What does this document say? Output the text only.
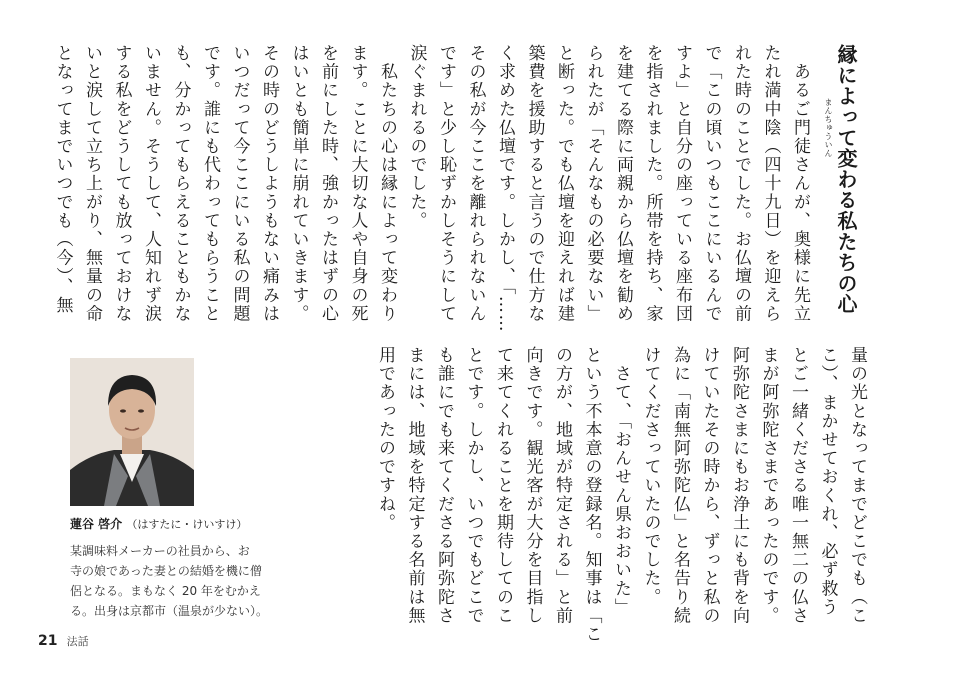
縁によって変わる私たちの心
　あるご門徒さんが、奥様に先立
たれ満中陰（四十九日）を迎えら
れた時のことでした。お仏壇の前
で「この頃いつもここにいるんで
すよ」と自分の座っている座布団
を指されました。所帯を持ち、家
を建てる際に両親から仏壇を勧め
られたが「そんなもの必要ない」
と断った。でも仏壇を迎えれば建
築費を援助すると言うので仕方な
く求めた仏壇です。しかし、「……
その私が今ここを離れられないん
です」と少し恥ずかしそうにして
涙ぐまれるのでした。
　私たちの心は縁によって変わり
ます。ことに大切な人や自身の死
を前にした時、強かったはずの心
はいとも簡単に崩れていきます。
その時のどうしようもない痛みは
いつだって今ここにいる私の問題
です。誰にも代わってもらうこと
も、分かってもらえることもかな
いません。そうして、人知れず涙
する私をどうしても放っておけな
いと涙して立ち上がり、無量の命
となってまでいつでも（今）、無
量の光となってまでどこでも（こ
こ）、まかせておくれ、必ず救う
とご一緒くださる唯一無二の仏さ
まが阿弥陀さまであったのです。
阿弥陀さまにもお浄土にも背を向
けていたその時から、ずっと私の
為に「南無阿弥陀仏」と名告り続
けてくださっていたのでした。
　さて、「おんせん県おおいた」
という不本意の登録名。知事は「こ
の方が、地域が特定される」と前
向きです。観光客が大分を目指し
て来てくれることを期待してのこ
とです。しかし、いつでもどこで
も誰にでも来てくださる阿弥陀さ
まには、地域を特定する名前は無
用であったのですね。
まんちゅういん
蓮谷 啓介 （はすたに・けいすけ）
某調味料メーカーの社員から、お
寺の娘であった妻との結婚を機に僧
侶となる。まもなく 20 年をむかえ
る。出身は京都市（温泉が少ない）。
21 法話
